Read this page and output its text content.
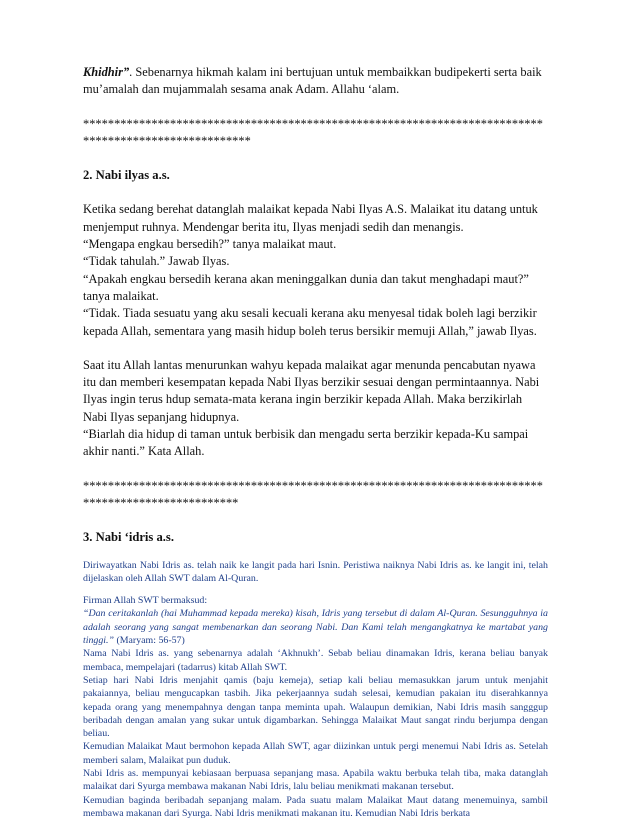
Khidhir”. Sebenarnya hikmah kalam ini bertujuan untuk membaikkan budipekerti serta baik mu’amalah dan mujammalah sesama anak Adam. Allahu ‘alam.

*****************************************************************************************************

2. Nabi ilyas a.s.

Ketika sedang berehat datanglah malaikat kepada Nabi Ilyas A.S. Malaikat itu datang untuk menjemput ruhnya. Mendengar berita itu, Ilyas menjadi sedih dan menangis.

“Mengapa engkau bersedih?” tanya malaikat maut.

“Tidak tahulah.” Jawab Ilyas.

“Apakah engkau bersedih kerana akan meninggalkan dunia dan takut menghadapi maut?” tanya malaikat.

“Tidak. Tiada sesuatu yang aku sesali kecuali kerana aku menyesal tidak boleh lagi berzikir kepada Allah, sementara yang masih hidup boleh terus bersikir memuji Allah,” jawab Ilyas.

Saat itu Allah lantas menurunkan wahyu kepada malaikat agar menunda pencabutan nyawa itu dan memberi kesempatan kepada Nabi Ilyas berzikir sesuai dengan permintaannya. Nabi Ilyas ingin terus hdup semata-mata kerana ingin berzikir kepada Allah. Maka berzikirlah Nabi Ilyas sepanjang hidupnya.

“Biarlah dia hidup di taman untuk berbisik dan mengadu serta berzikir kepada-Ku sampai akhir nanti.” Kata Allah.

***************************************************************************************************

3. Nabi ‘idris a.s.

Diriwayatkan Nabi Idris as. telah naik ke langit pada hari Isnin. Peristiwa naiknya Nabi Idris as. ke langit ini, telah dijelaskan oleh Allah SWT dalam Al-Quran.

Firman Allah SWT bermaksud:

“Dan ceritakanlah (hai Muhammad kepada mereka) kisah, Idris yang tersebut di dalam Al-Quran. Sesungguhnya ia adalah seorang yang sangat membenarkan dan seorang Nabi. Dan Kami telah mengangkatnya ke martabat yang tinggi.” (Maryam: 56-57)

Nama Nabi Idris as. yang sebenarnya adalah ‘Akhnukh’. Sebab beliau dinamakan Idris, kerana beliau banyak membaca, mempelajari (tadarrus) kitab Allah SWT.

Setiap hari Nabi Idris menjahit qamis (baju kemeja), setiap kali beliau memasukkan jarum untuk menjahit pakaiannya, beliau mengucapkan tasbih. Jika pekerjaannya sudah selesai, kemudian pakaian itu diserahkannya kepada orang yang menempahnya dengan tanpa meminta upah. Walaupun demikian, Nabi Idris masih sangggup beribadah dengan amalan yang sukar untuk digambarkan. Sehingga Malaikat Maut sangat rindu berjumpa dengan beliau.

Kemudian Malaikat Maut bermohon kepada Allah SWT, agar diizinkan untuk pergi menemui Nabi Idris as. Setelah memberi salam, Malaikat pun duduk.

Nabi Idris as. mempunyai kebiasaan berpuasa sepanjang masa. Apabila waktu berbuka telah tiba, maka datanglah malaikat dari Syurga membawa makanan Nabi Idris, lalu beliau menikmati makanan tersebut.

Kemudian baginda beribadah sepanjang malam. Pada suatu malam Malaikat Maut datang menemuinya, sambil membawa makanan dari Syurga. Nabi Idris menikmati makanan itu. Kemudian Nabi Idris berkata
